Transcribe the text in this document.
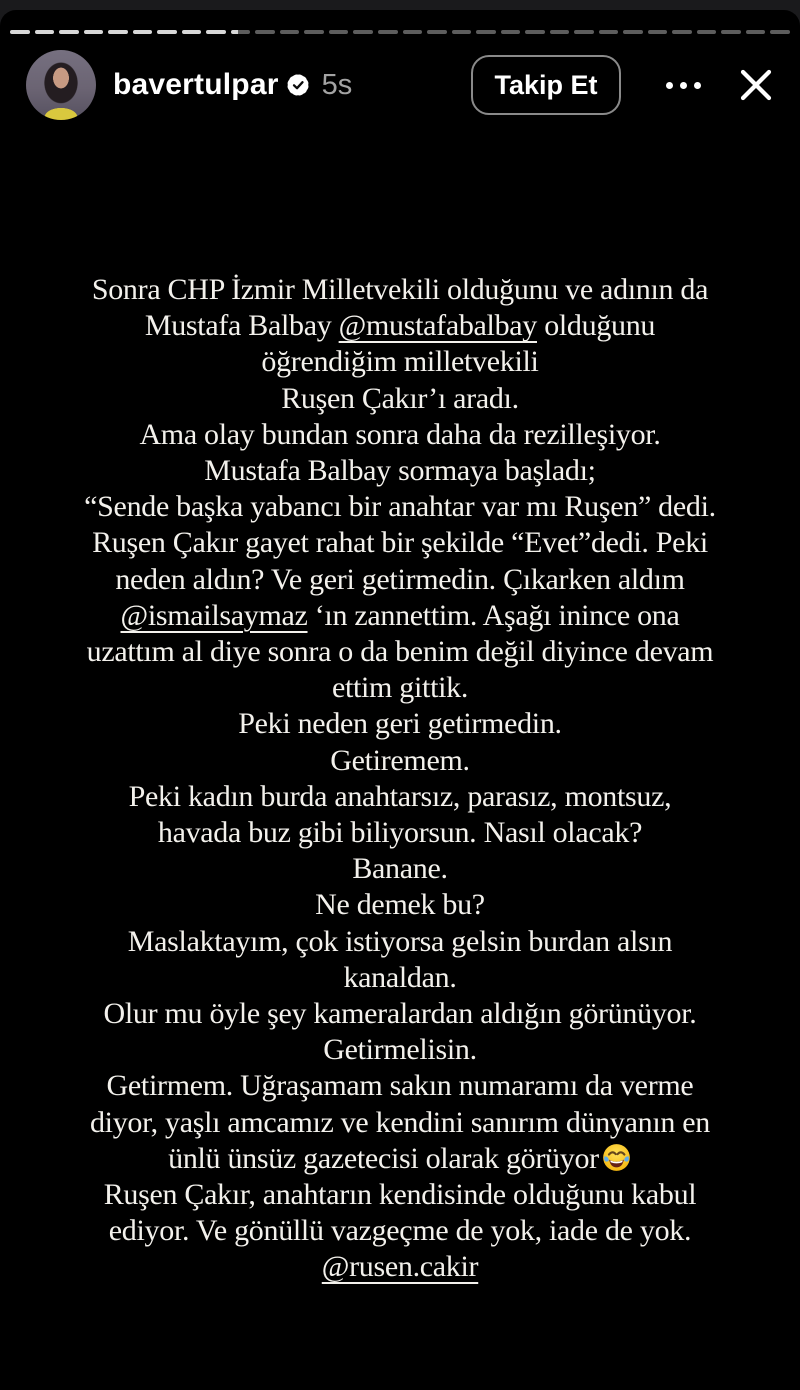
bavertulpar 5s	Takip Et
Sonra CHP İzmir Milletvekili olduğunu ve adının da
Mustafa Balbay @mustafabalbay olduğunu
öğrendiğim milletvekili
Ruşen Çakır’ı aradı.
Ama olay bundan sonra daha da rezilleşiyor.
Mustafa Balbay sormaya başladı;
“Sende başka yabancı bir anahtar var mı Ruşen” dedi.
Ruşen Çakır gayet rahat bir şekilde “Evet”dedi. Peki
neden aldın? Ve geri getirmedin. Çıkarken aldım
@ismailsaymaz ‘ın zannettim. Aşağı inince ona
uzattım al diye sonra o da benim değil diyince devam
ettim gittik.
Peki neden geri getirmedin.
Getiremem.
Peki kadın burda anahtarsız, parasız, montsuz,
havada buz gibi biliyorsun. Nasıl olacak?
Banane.
Ne demek bu?
Maslaktayım, çok istiyorsa gelsin burdan alsın
kanaldan.
Olur mu öyle şey kameralardan aldığın görünüyor.
Getirmelisin.
Getirmem. Uğraşamam sakın numaramı da verme
diyor, yaşlı amcamız ve kendini sanırım dünyanın en
ünlü ünsüz gazetecisi olarak görüyor
Ruşen Çakır, anahtarın kendisinde olduğunu kabul
ediyor. Ve gönüllü vazgeçme de yok, iade de yok.
@rusen.cakir
